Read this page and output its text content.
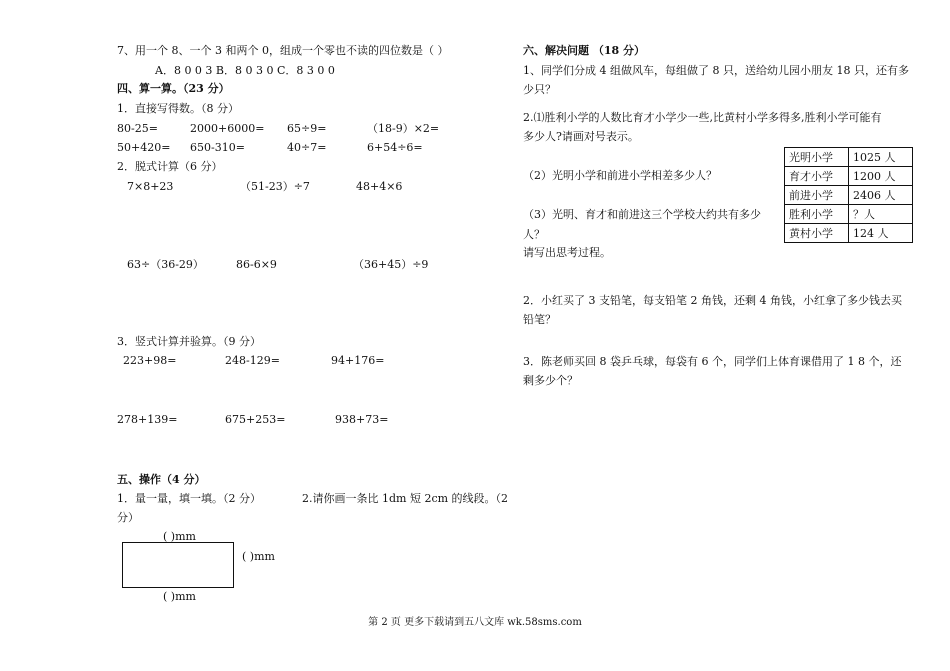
7、用一个 8、一个 3 和两个 0，组成一个零也不读的四位数是（ ）
A．8 0 0 3 B．8 0 3 0 C．8 3 0 0
四、算一算。（23 分）
1．直接写得数。（8 分）
80-25=	2000+6000= 65÷9=	（18-9）×2=
50+420= 650-310=	40÷7=	6+54÷6=
2．脱式计算（6 分）
7×8+23	（51-23）÷7	48+4×6
63÷（36-29）	86-6×9	（36+45）÷9
3．竖式计算并验算。（9 分）
223+98=	248-129=	94+176=
278+139=	675+253=	938+73=
五、操作（4 分）
1．量一量，填一填。（2 分）	2.请你画一条比 1dm 短 2cm 的线段。（2
分）
( )mm
( )mm
( )mm
六、解决问题 （18 分）
1、同学们分成 4 组做风车，每组做了 8 只，送给幼儿园小朋友 18 只，还有多
少只？
2.⑴胜利小学的人数比育才小学少一些,比黄村小学多得多,胜利小学可能有
多少人?请画对号表示。
光明小学	1025 人
育才小学	1200 人
前进小学	2406 人
胜利小学	？人
黄村小学	124 人
（2）光明小学和前进小学相差多少人？
（3）光明、育才和前进这三个学校大约共有多少
人？
请写出思考过程。
2．小红买了 3 支铅笔，每支铅笔 2 角钱，还剩 4 角钱，小红拿了多少钱去买
铅笔？
3．陈老师买回 8 袋乒乓球，每袋有 6 个，同学们上体育课借用了 1 8 个，还
剩多少个？
第 2 页 更多下载请到五八文库 wk.58sms.com
